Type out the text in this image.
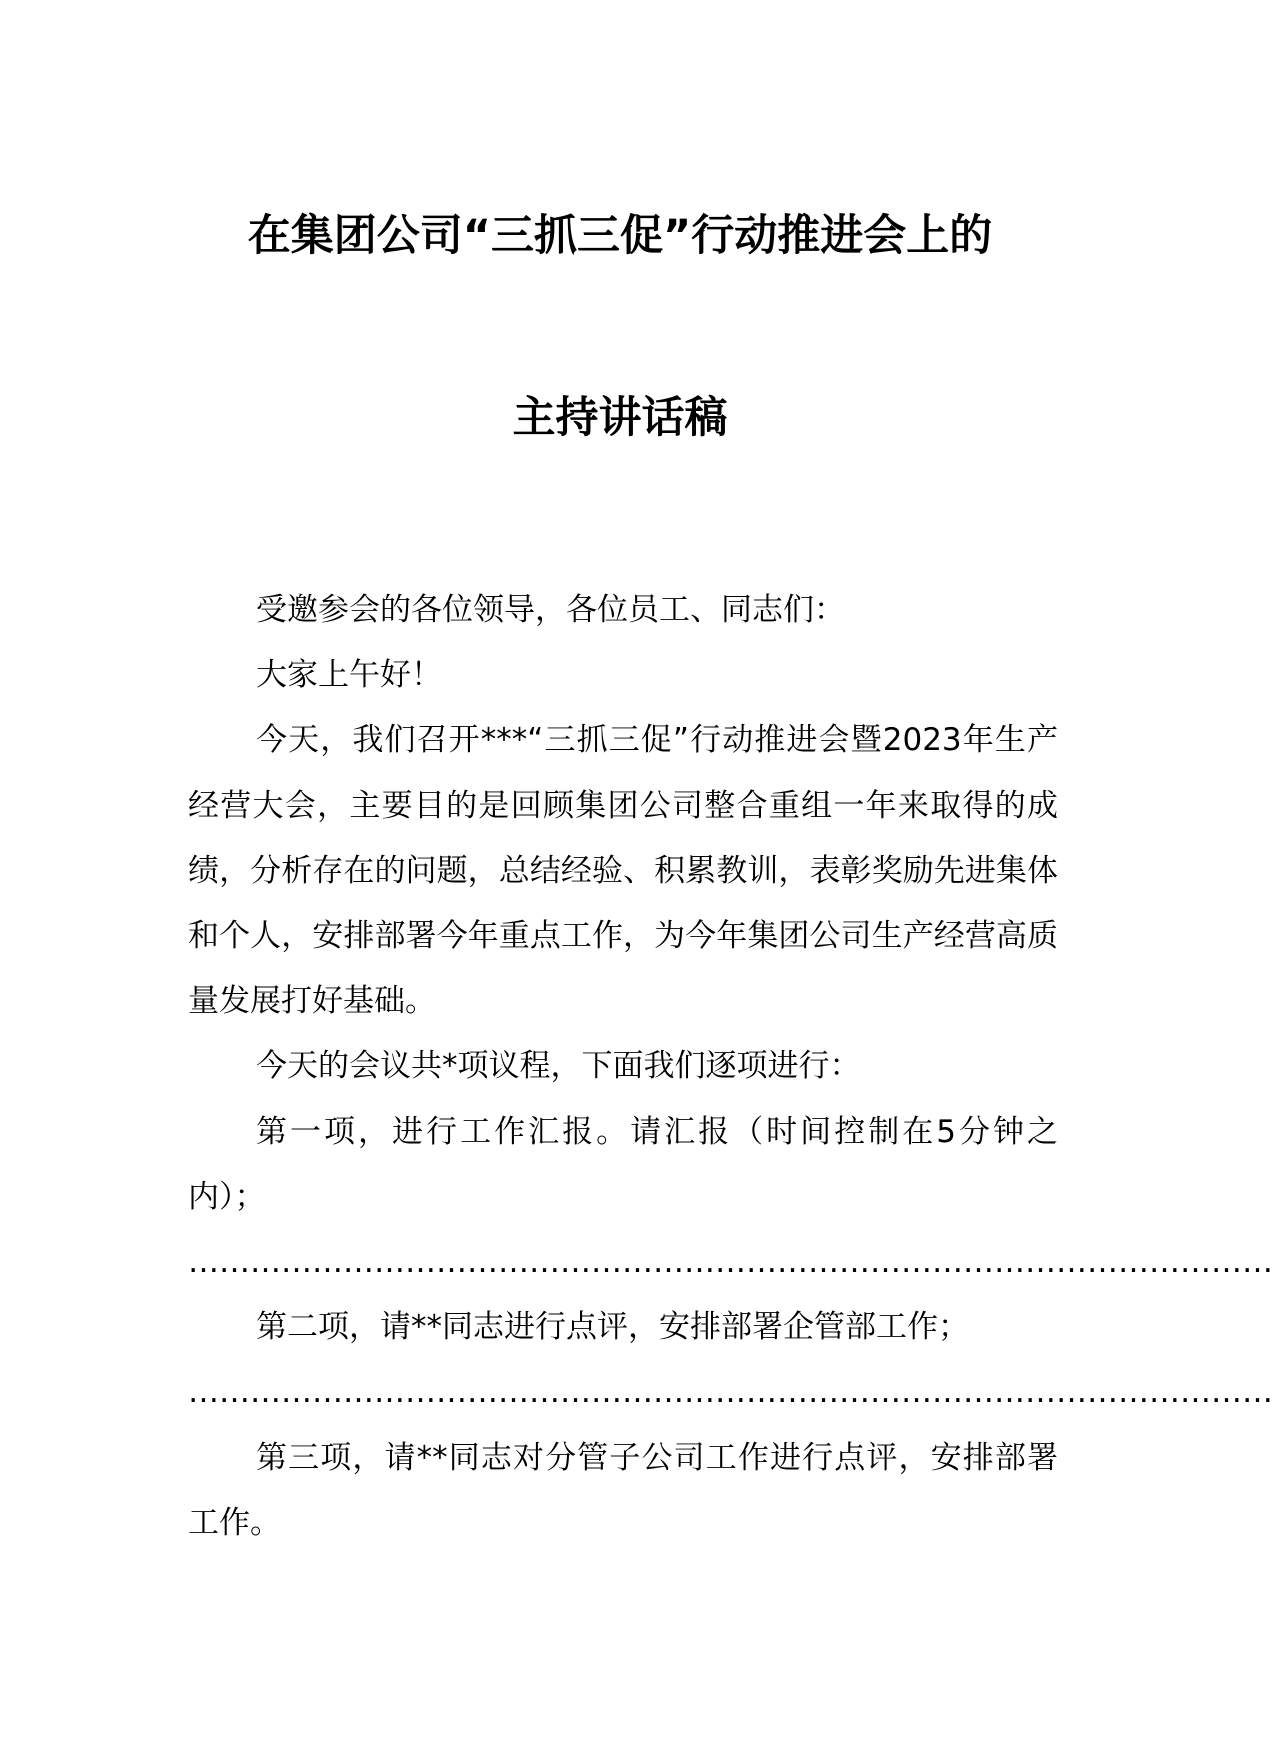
在集团公司“三抓三促”行动推进会上的
主持讲话稿

受邀参会的各位领导，各位员工、同志们：

大家上午好！

今天，我们召开***“三抓三促”行动推进会暨2023年生产经营大会，主要目的是回顾集团公司整合重组一年来取得的成绩，分析存在的问题，总结经验、积累教训，表彰奖励先进集体和个人，安排部署今年重点工作，为今年集团公司生产经营高质量发展打好基础。

今天的会议共*项议程，下面我们逐项进行：

第一项，进行工作汇报。请汇报（时间控制在5分钟之内）；

……………………………………………………………………………………………

第二项，请**同志进行点评，安排部署企管部工作；

……………………………………………………………………………………………

第三项，请**同志对分管子公司工作进行点评，安排部署工作。
